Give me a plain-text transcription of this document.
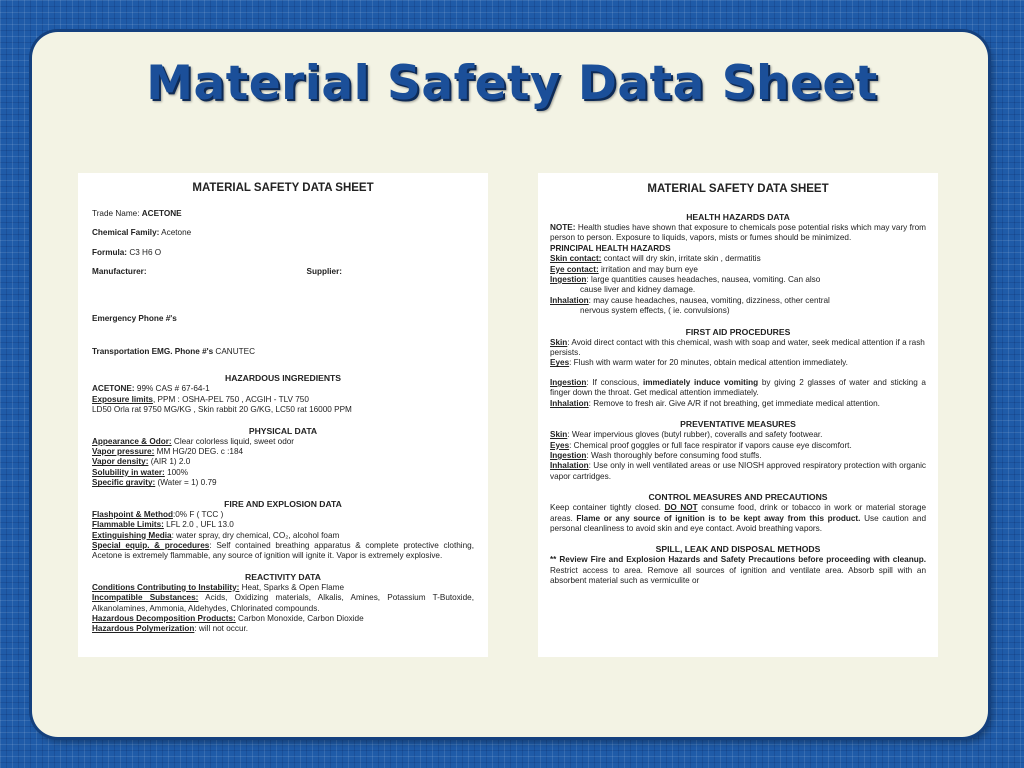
Material Safety Data Sheet
MATERIAL SAFETY DATA SHEET

Trade Name: ACETONE

Chemical Family: Acetone

Formula: C3 H6 O

Manufacturer:	Supplier:

Emergency Phone #'s

Transportation EMG. Phone #'s CANUTEC

HAZARDOUS INGREDIENTS

ACETONE: 99% CAS # 67-64-1

Exposure limits, PPM : OSHA-PEL 750 , ACGIH - TLV 750

LD50 Orla rat 9750 MG/KG , Skin rabbit 20 G/KG, LC50 rat 16000 PPM

PHYSICAL DATA

Appearance & Odor: Clear colorless liquid, sweet odor

Vapor pressure: MM HG/20 DEG. c :184

Vapor density: (AIR 1) 2.0

Solubility in water: 100%

Specific gravity: (Water = 1) 0.79

FIRE AND EXPLOSION DATA

Flashpoint & Method:0% F ( TCC )

Flammable Limits: LFL 2.0 , UFL 13.0

Extinguishing Media: water spray, dry chemical, CO₂, alcohol foam

Special equip. & procedures: Self contained breathing apparatus & complete protective clothing, Acetone is extremely flammable, any source of ignition will ignite it. Vapor is extremely explosive.

REACTIVITY DATA

Conditions Contributing to Instability: Heat, Sparks & Open Flame

Incompatible Substances: Acids, Oxidizing materials, Alkalis, Amines, Potassium T-Butoxide, Alkanolamines, Ammonia, Aldehydes, Chlorinated compounds.

Hazardous Decomposition Products: Carbon Monoxide, Carbon Dioxide

Hazardous Polymerization: will not occur.

MATERIAL SAFETY DATA SHEET
HEALTH HAZARDS DATA

NOTE: Health studies have shown that exposure to chemicals pose potential risks which may vary from person to person. Exposure to liquids, vapors, mists or fumes should be minimized.

PRINCIPAL HEALTH HAZARDS

Skin contact: contact will dry skin, irritate skin , dermatitis

Eye contact: irritation and may burn eye

Ingestion: large quantities causes headaches, nausea, vomiting. Can also

cause liver and kidney damage.

Inhalation: may cause headaches, nausea, vomiting, dizziness, other central

nervous system effects, ( ie. convulsions)

FIRST AID PROCEDURES

Skin: Avoid direct contact with this chemical, wash with soap and water, seek medical attention if a rash persists.

Eyes: Flush with warm water for 20 minutes, obtain medical attention immediately.

Ingestion: If conscious, immediately induce vomiting by giving 2 glasses of water and sticking a finger down the throat. Get medical attention immediately.

Inhalation: Remove to fresh air. Give A/R if not breathing, get immediate medical attention.

PREVENTATIVE MEASURES

Skin: Wear impervious gloves (butyl rubber), coveralls and safety footwear.

Eyes: Chemical proof goggles or full face respirator if vapors cause eye discomfort.

Ingestion: Wash thoroughly before consuming food stuffs.

Inhalation: Use only in well ventilated areas or use NIOSH approved respiratory protection with organic vapor cartridges.

CONTROL MEASURES AND PRECAUTIONS

Keep container tightly closed. DO NOT consume food, drink or tobacco in work or material storage areas. Flame or any source of ignition is to be kept away from this product. Use caution and personal cleanliness to avoid skin and eye contact. Avoid breathing vapors.

SPILL, LEAK AND DISPOSAL METHODS

** Review Fire and Explosion Hazards and Safety Precautions before proceeding with cleanup. Restrict access to area. Remove all sources of ignition and ventilate area. Absorb spill with an absorbent material such as vermiculite or
